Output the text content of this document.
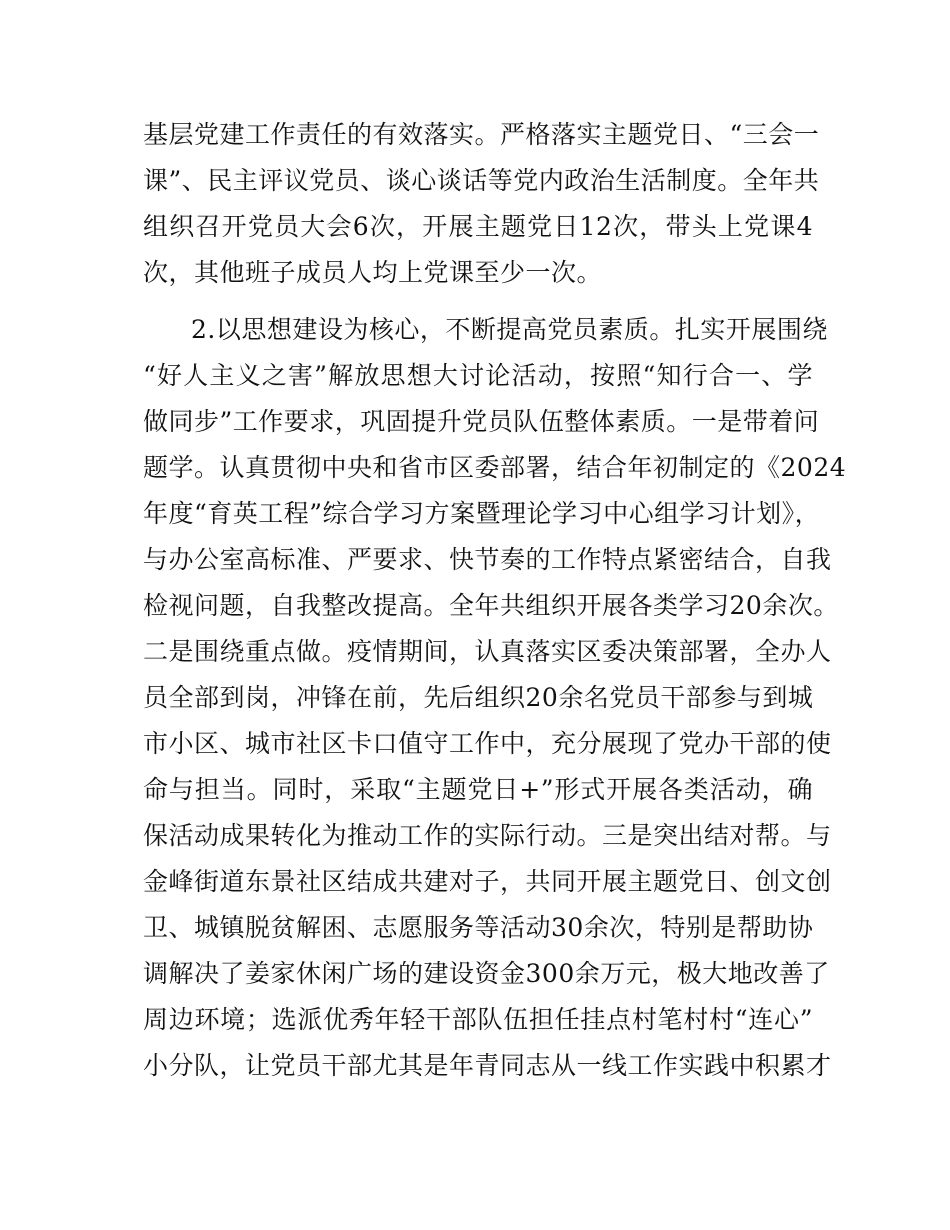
基层党建工作责任的有效落实。严格落实主题党日、“三会一
课”、民主评议党员、谈心谈话等党内政治生活制度。全年共
组织召开党员大会6次，开展主题党日12次，带头上党课4
次，其他班子成员人均上党课至少一次。
2.以思想建设为核心，不断提高党员素质。扎实开展围绕
“好人主义之害”解放思想大讨论活动，按照“知行合一、学
做同步”工作要求，巩固提升党员队伍整体素质。一是带着问
题学。认真贯彻中央和省市区委部署，结合年初制定的《2024
年度“育英工程”综合学习方案暨理论学习中心组学习计划》，
与办公室高标准、严要求、快节奏的工作特点紧密结合，自我
检视问题，自我整改提高。全年共组织开展各类学习20余次。
二是围绕重点做。疫情期间，认真落实区委决策部署，全办人
员全部到岗，冲锋在前，先后组织20余名党员干部参与到城
市小区、城市社区卡口值守工作中，充分展现了党办干部的使
命与担当。同时，采取“主题党日+”形式开展各类活动，确
保活动成果转化为推动工作的实际行动。三是突出结对帮。与
金峰街道东景社区结成共建对子，共同开展主题党日、创文创
卫、城镇脱贫解困、志愿服务等活动30余次，特别是帮助协
调解决了姜家休闲广场的建设资金300余万元，极大地改善了
周边环境；选派优秀年轻干部队伍担任挂点村笔村村“连心”
小分队，让党员干部尤其是年青同志从一线工作实践中积累才
